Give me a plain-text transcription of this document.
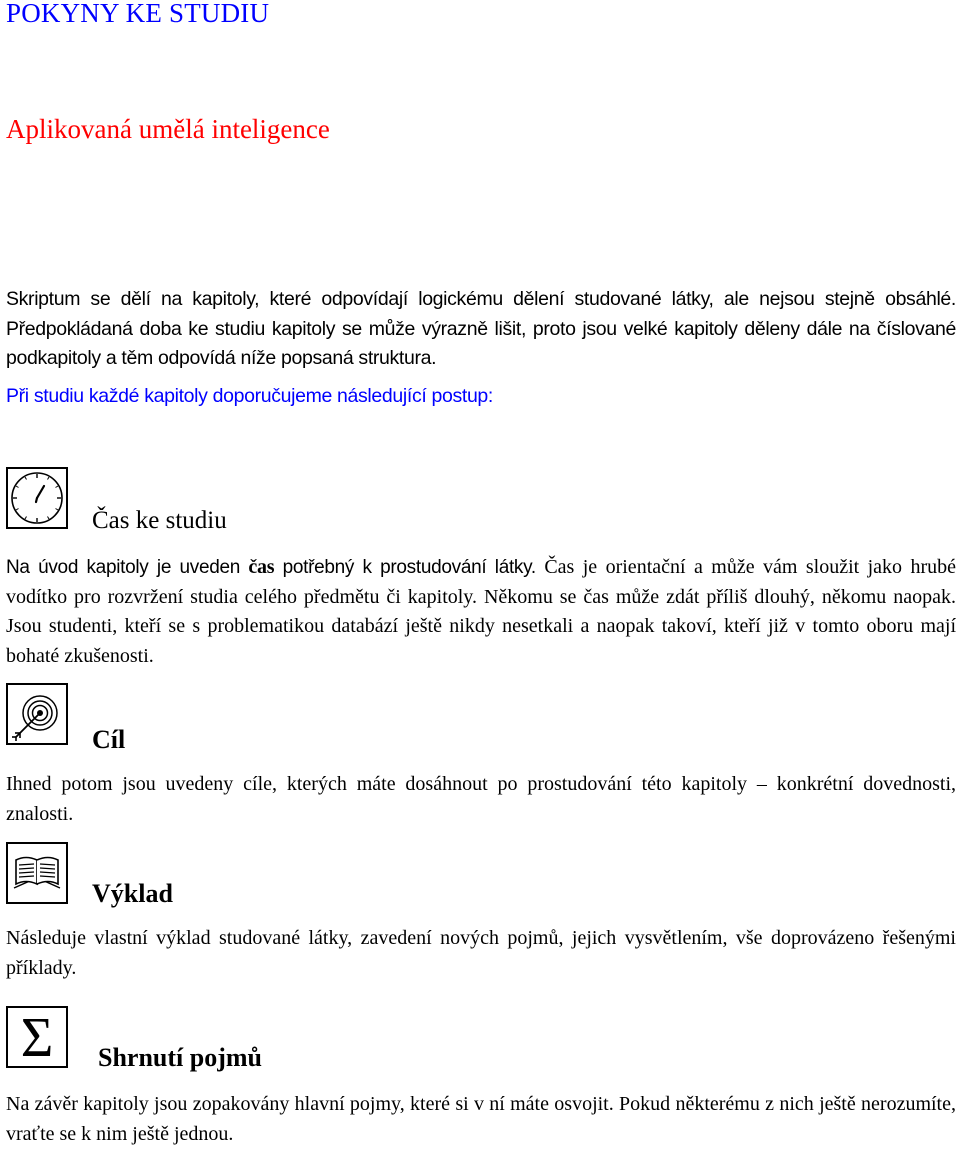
POKYNY KE STUDIU
Aplikovaná umělá inteligence
Skriptum se dělí na kapitoly, které odpovídají logickému dělení studované látky, ale nejsou stejně obsáhlé. Předpokládaná doba ke studiu kapitoly se může výrazně lišit, proto jsou velké kapitoly děleny dále na číslované podkapitoly a těm odpovídá níže popsaná struktura.
Při studiu každé kapitoly doporučujeme následující postup:
Čas ke studiu
Na úvod kapitoly je uveden čas potřebný k prostudování látky. Čas je orientační a může vám sloužit jako hrubé vodítko pro rozvržení studia celého předmětu či kapitoly. Někomu se čas může zdát příliš dlouhý, někomu naopak. Jsou studenti, kteří se s problematikou databází ještě nikdy nesetkali a naopak takoví, kteří již v tomto oboru mají bohaté zkušenosti.
Cíl
Ihned potom jsou uvedeny cíle, kterých máte dosáhnout po prostudování této kapitoly – konkrétní dovednosti, znalosti.
Výklad
Následuje vlastní výklad studované látky, zavedení nových pojmů, jejich vysvětlením, vše doprovázeno řešenými příklady.
Σ	Shrnutí pojmů
Na závěr kapitoly jsou zopakovány hlavní pojmy, které si v ní máte osvojit. Pokud některému z nich ještě nerozumíte, vraťte se k nim ještě jednou.
